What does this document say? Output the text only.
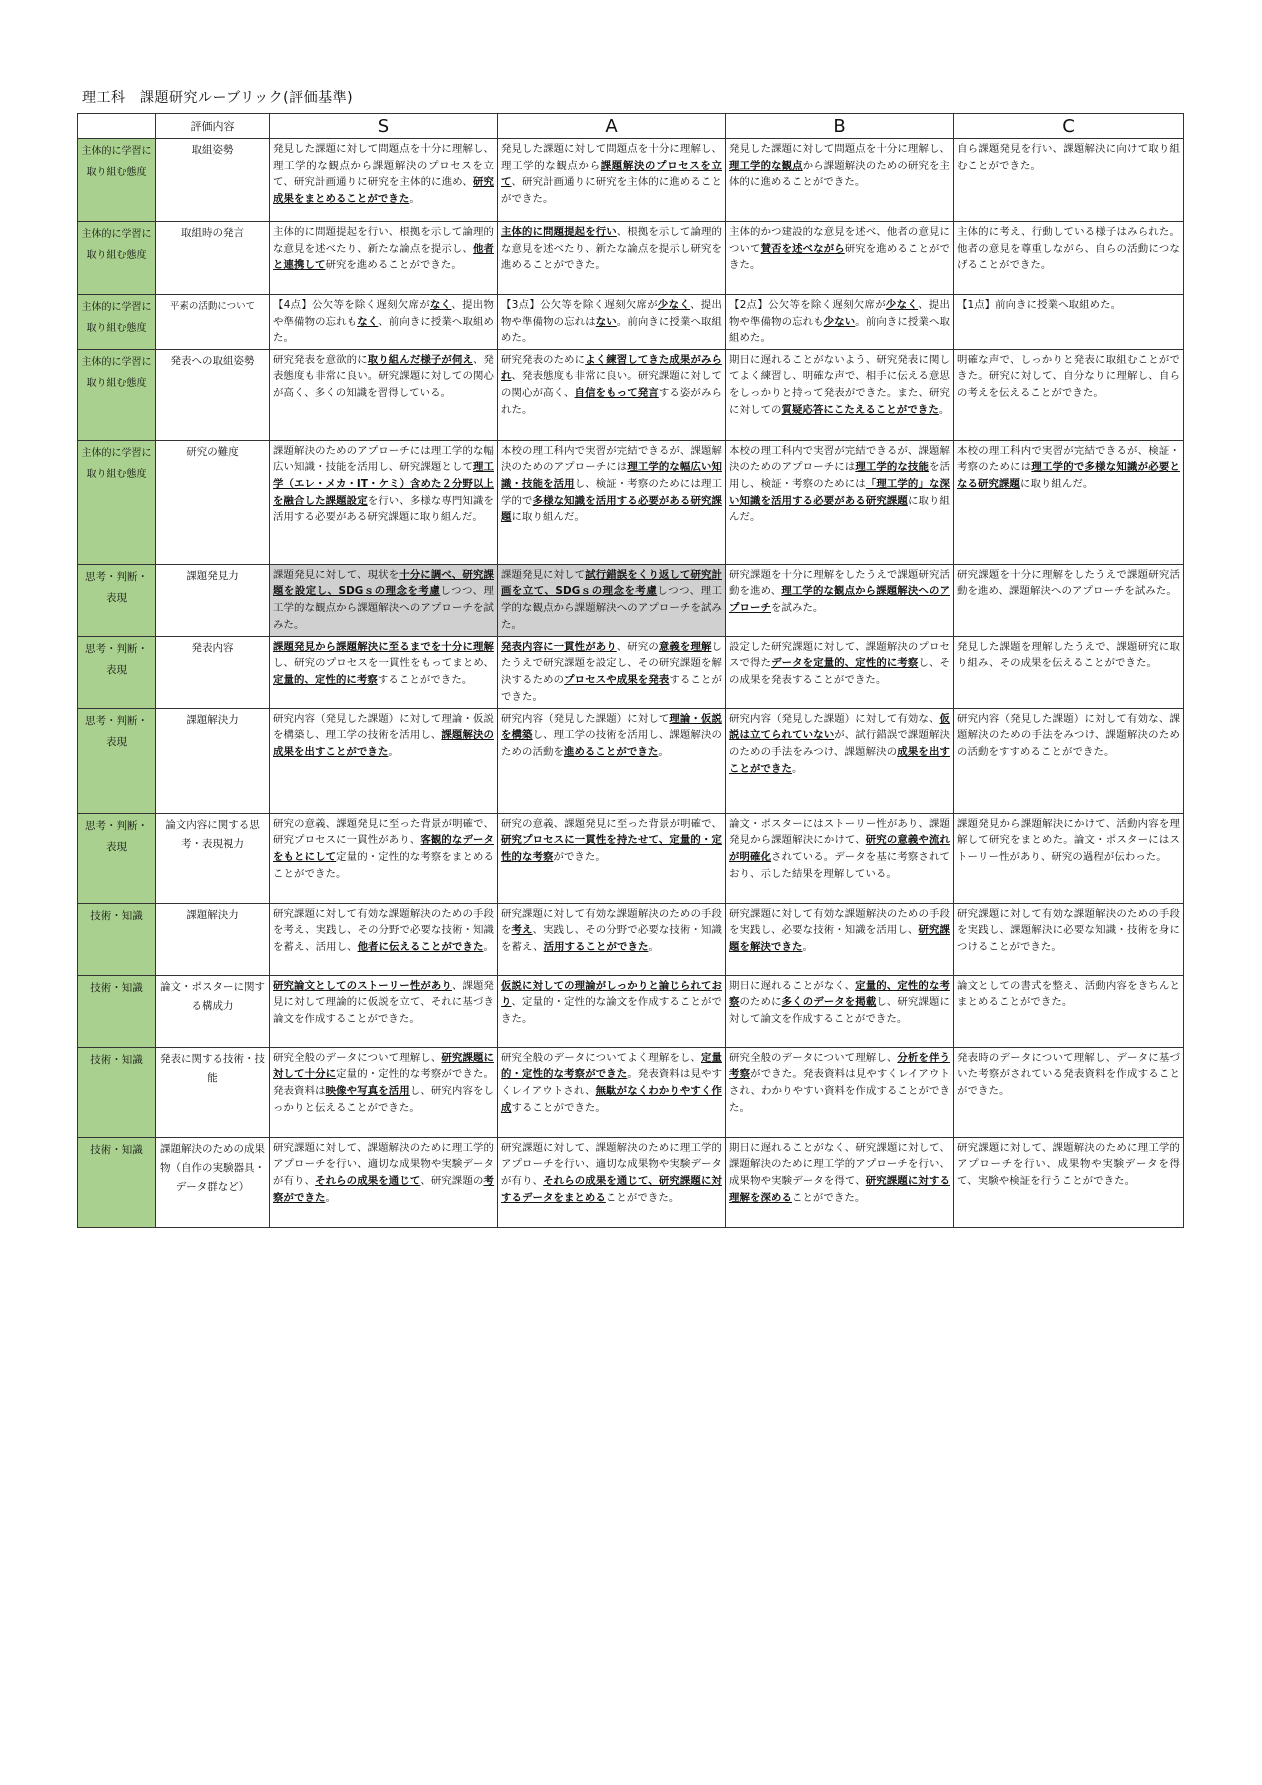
理工科　課題研究ルーブリック(評価基準)
	評価内容	S	A	B	C
主体的に学習に取り組む態度	取組姿勢	発見した課題に対して問題点を十分に理解し、理工学的な観点から課題解決のプロセスを立て、研究計画通りに研究を主体的に進め、研究成果をまとめることができた。	発見した課題に対して問題点を十分に理解し、理工学的な観点から課題解決のプロセスを立て、研究計画通りに研究を主体的に進めることができた。	発見した課題に対して問題点を十分に理解し、理工学的な観点から課題解決のための研究を主体的に進めることができた。	自ら課題発見を行い、課題解決に向けて取り組むことができた。
主体的に学習に取り組む態度	取組時の発言	主体的に問題提起を行い、根拠を示して論理的な意見を述べたり、新たな論点を提示し、他者と連携して研究を進めることができた。	主体的に問題提起を行い、根拠を示して論理的な意見を述べたり、新たな論点を提示し研究を進めることができた。	主体的かつ建設的な意見を述べ、他者の意見について賛否を述べながら研究を進めることができた。	主体的に考え、行動している様子はみられた。他者の意見を尊重しながら、自らの活動につなげることができた。
主体的に学習に取り組む態度	平素の活動について	【4点】公欠等を除く遅刻欠席がなく、提出物や準備物の忘れもなく、前向きに授業へ取組めた。	【3点】公欠等を除く遅刻欠席が少なく、提出物や準備物の忘れはない。前向きに授業へ取組めた。	【2点】公欠等を除く遅刻欠席が少なく、提出物や準備物の忘れも少ない。前向きに授業へ取組めた。	【1点】前向きに授業へ取組めた。
主体的に学習に取り組む態度	発表への取組姿勢	研究発表を意欲的に取り組んだ様子が伺え、発表態度も非常に良い。研究課題に対しての関心が高く、多くの知識を習得している。	研究発表のためによく練習してきた成果がみられ、発表態度も非常に良い。研究課題に対しての関心が高く、自信をもって発言する姿がみられた。	期日に遅れることがないよう、研究発表に関してよく練習し、明確な声で、相手に伝える意思をしっかりと持って発表ができた。また、研究に対しての質疑応答にこたえることができた。	明確な声で、しっかりと発表に取組むことができた。研究に対して、自分なりに理解し、自らの考えを伝えることができた。
主体的に学習に取り組む態度	研究の難度	課題解決のためのアプローチには理工学的な幅広い知識・技能を活用し、研究課題として理工学（エレ・メカ・IT・ケミ）含めた２分野以上を融合した課題設定を行い、多様な専門知識を活用する必要がある研究課題に取り組んだ。	本校の理工科内で実習が完結できるが、課題解決のためのアプローチには理工学的な幅広い知識・技能を活用し、検証・考察のためには理工学的で多様な知識を活用する必要がある研究課題に取り組んだ。	本校の理工科内で実習が完結できるが、課題解決のためのアプローチには理工学的な技能を活用し、検証・考察のためには「理工学的」な深い知識を活用する必要がある研究課題に取り組んだ。	本校の理工科内で実習が完結できるが、検証・考察のためには理工学的で多様な知識が必要となる研究課題に取り組んだ。
思考・判断・表現	課題発見力	課題発見に対して、現状を十分に調べ、研究課題を設定し、SDGｓの理念を考慮しつつ、理工学的な観点から課題解決へのアプローチを試みた。	課題発見に対して試行錯誤をくり返して研究計画を立て、SDGｓの理念を考慮しつつ、理工学的な観点から課題解決へのアプローチを試みた。	研究課題を十分に理解をしたうえで課題研究活動を進め、理工学的な観点から課題解決へのアプローチを試みた。	研究課題を十分に理解をしたうえで課題研究活動を進め、課題解決へのアプローチを試みた。
思考・判断・表現	発表内容	課題発見から課題解決に至るまでを十分に理解し、研究のプロセスを一貫性をもってまとめ、定量的、定性的に考察することができた。	発表内容に一貫性があり、研究の意義を理解したうえで研究課題を設定し、その研究課題を解決するためのプロセスや成果を発表することができた。	設定した研究課題に対して、課題解決のプロセスで得たデータを定量的、定性的に考察し、その成果を発表することができた。	発見した課題を理解したうえで、課題研究に取り組み、その成果を伝えることができた。
思考・判断・表現	課題解決力	研究内容（発見した課題）に対して理論・仮説を構築し、理工学の技術を活用し、課題解決の成果を出すことができた。	研究内容（発見した課題）に対して理論・仮説を構築し、理工学の技術を活用し、課題解決のための活動を進めることができた。	研究内容（発見した課題）に対して有効な、仮説は立てられていないが、試行錯誤で課題解決のための手法をみつけ、課題解決の成果を出すことができた。	研究内容（発見した課題）に対して有効な、課題解決のための手法をみつけ、課題解決のための活動をすすめることができた。
思考・判断・表現	論文内容に関する思考・表現視力	研究の意義、課題発見に至った背景が明確で、研究プロセスに一貫性があり、客観的なデータをもとにして定量的・定性的な考察をまとめることができた。	研究の意義、課題発見に至った背景が明確で、研究プロセスに一貫性を持たせて、定量的・定性的な考察ができた。	論文・ポスターにはストーリー性があり、課題発見から課題解決にかけて、研究の意義や流れが明確化されている。データを基に考察されており、示した結果を理解している。	課題発見から課題解決にかけて、活動内容を理解して研究をまとめた。論文・ポスターにはストーリー性があり、研究の過程が伝わった。
技術・知識	課題解決力	研究課題に対して有効な課題解決のための手段を考え、実践し、その分野で必要な技術・知識を蓄え、活用し、他者に伝えることができた。	研究課題に対して有効な課題解決のための手段を考え、実践し、その分野で必要な技術・知識を蓄え、活用することができた。	研究課題に対して有効な課題解決のための手段を実践し、必要な技術・知識を活用し、研究課題を解決できた。	研究課題に対して有効な課題解決のための手段を実践し、課題解決に必要な知識・技術を身につけることができた。
技術・知識	論文・ポスターに関する構成力	研究論文としてのストーリー性があり、課題発見に対して理論的に仮説を立て、それに基づき論文を作成することができた。	仮説に対しての理論がしっかりと論じられており、定量的・定性的な論文を作成することができた。	期日に遅れることがなく、定量的、定性的な考察のために多くのデータを掲載し、研究課題に対して論文を作成することができた。	論文としての書式を整え、活動内容をきちんとまとめることができた。
技術・知識	発表に関する技術・技能	研究全般のデータについて理解し、研究課題に対して十分に定量的・定性的な考察ができた。発表資料は映像や写真を活用し、研究内容をしっかりと伝えることができた。	研究全般のデータについてよく理解をし、定量的・定性的な考察ができた。発表資料は見やすくレイアウトされ、無駄がなくわかりやすく作成することができた。	研究全般のデータについて理解し、分析を伴う考察ができた。発表資料は見やすくレイアウトされ、わかりやすい資料を作成することができた。	発表時のデータについて理解し、データに基づいた考察がされている発表資料を作成することができた。
技術・知識	課題解決のための成果物（自作の実験器具・データ群など）	研究課題に対して、課題解決のために理工学的アプローチを行い、適切な成果物や実験データが有り、それらの成果を通じて、研究課題の考察ができた。	研究課題に対して、課題解決のために理工学的アプローチを行い、適切な成果物や実験データが有り、それらの成果を通じて、研究課題に対するデータをまとめることができた。	期日に遅れることがなく、研究課題に対して、課題解決のために理工学的アプローチを行い、成果物や実験データを得て、研究課題に対する理解を深めることができた。	研究課題に対して、課題解決のために理工学的アプローチを行い、成果物や実験データを得て、実験や検証を行うことができた。
